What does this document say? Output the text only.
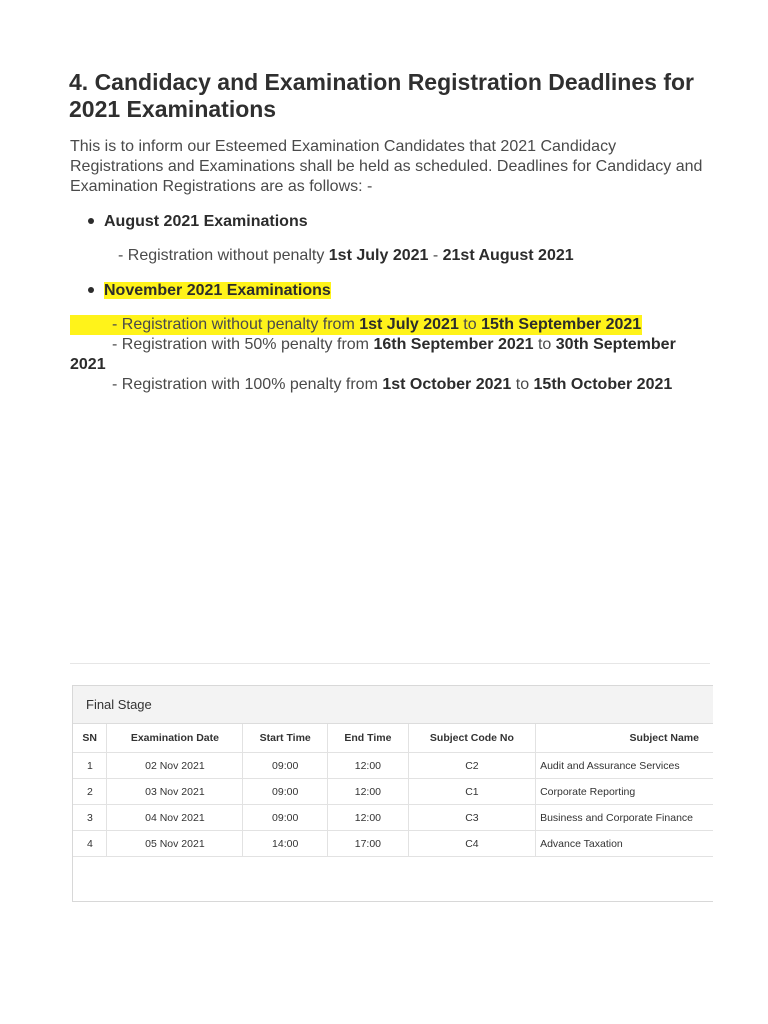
4. Candidacy and Examination Registration Deadlines for 2021 Examinations

This is to inform our Esteemed Examination Candidates that 2021 Candidacy Registrations and Examinations shall be held as scheduled. Deadlines for Candidacy and Examination Registrations are as follows: -

August 2021 Examinations
- Registration without penalty 1st July 2021 - 21st August 2021
November 2021 Examinations
- Registration without penalty from 1st July 2021 to 15th September 2021
- Registration with 50% penalty from 16th September 2021 to 30th September 2021
- Registration with 100% penalty from 1st October 2021 to 15th October 2021
Final Stage
SN	Examination Date	Start Time	End Time	Subject Code No	Subject Name
1	02 Nov 2021	09:00	12:00	C2	Audit and Assurance Services
2	03 Nov 2021	09:00	12:00	C1	Corporate Reporting
3	04 Nov 2021	09:00	12:00	C3	Business and Corporate Finance
4	05 Nov 2021	14:00	17:00	C4	Advance Taxation
